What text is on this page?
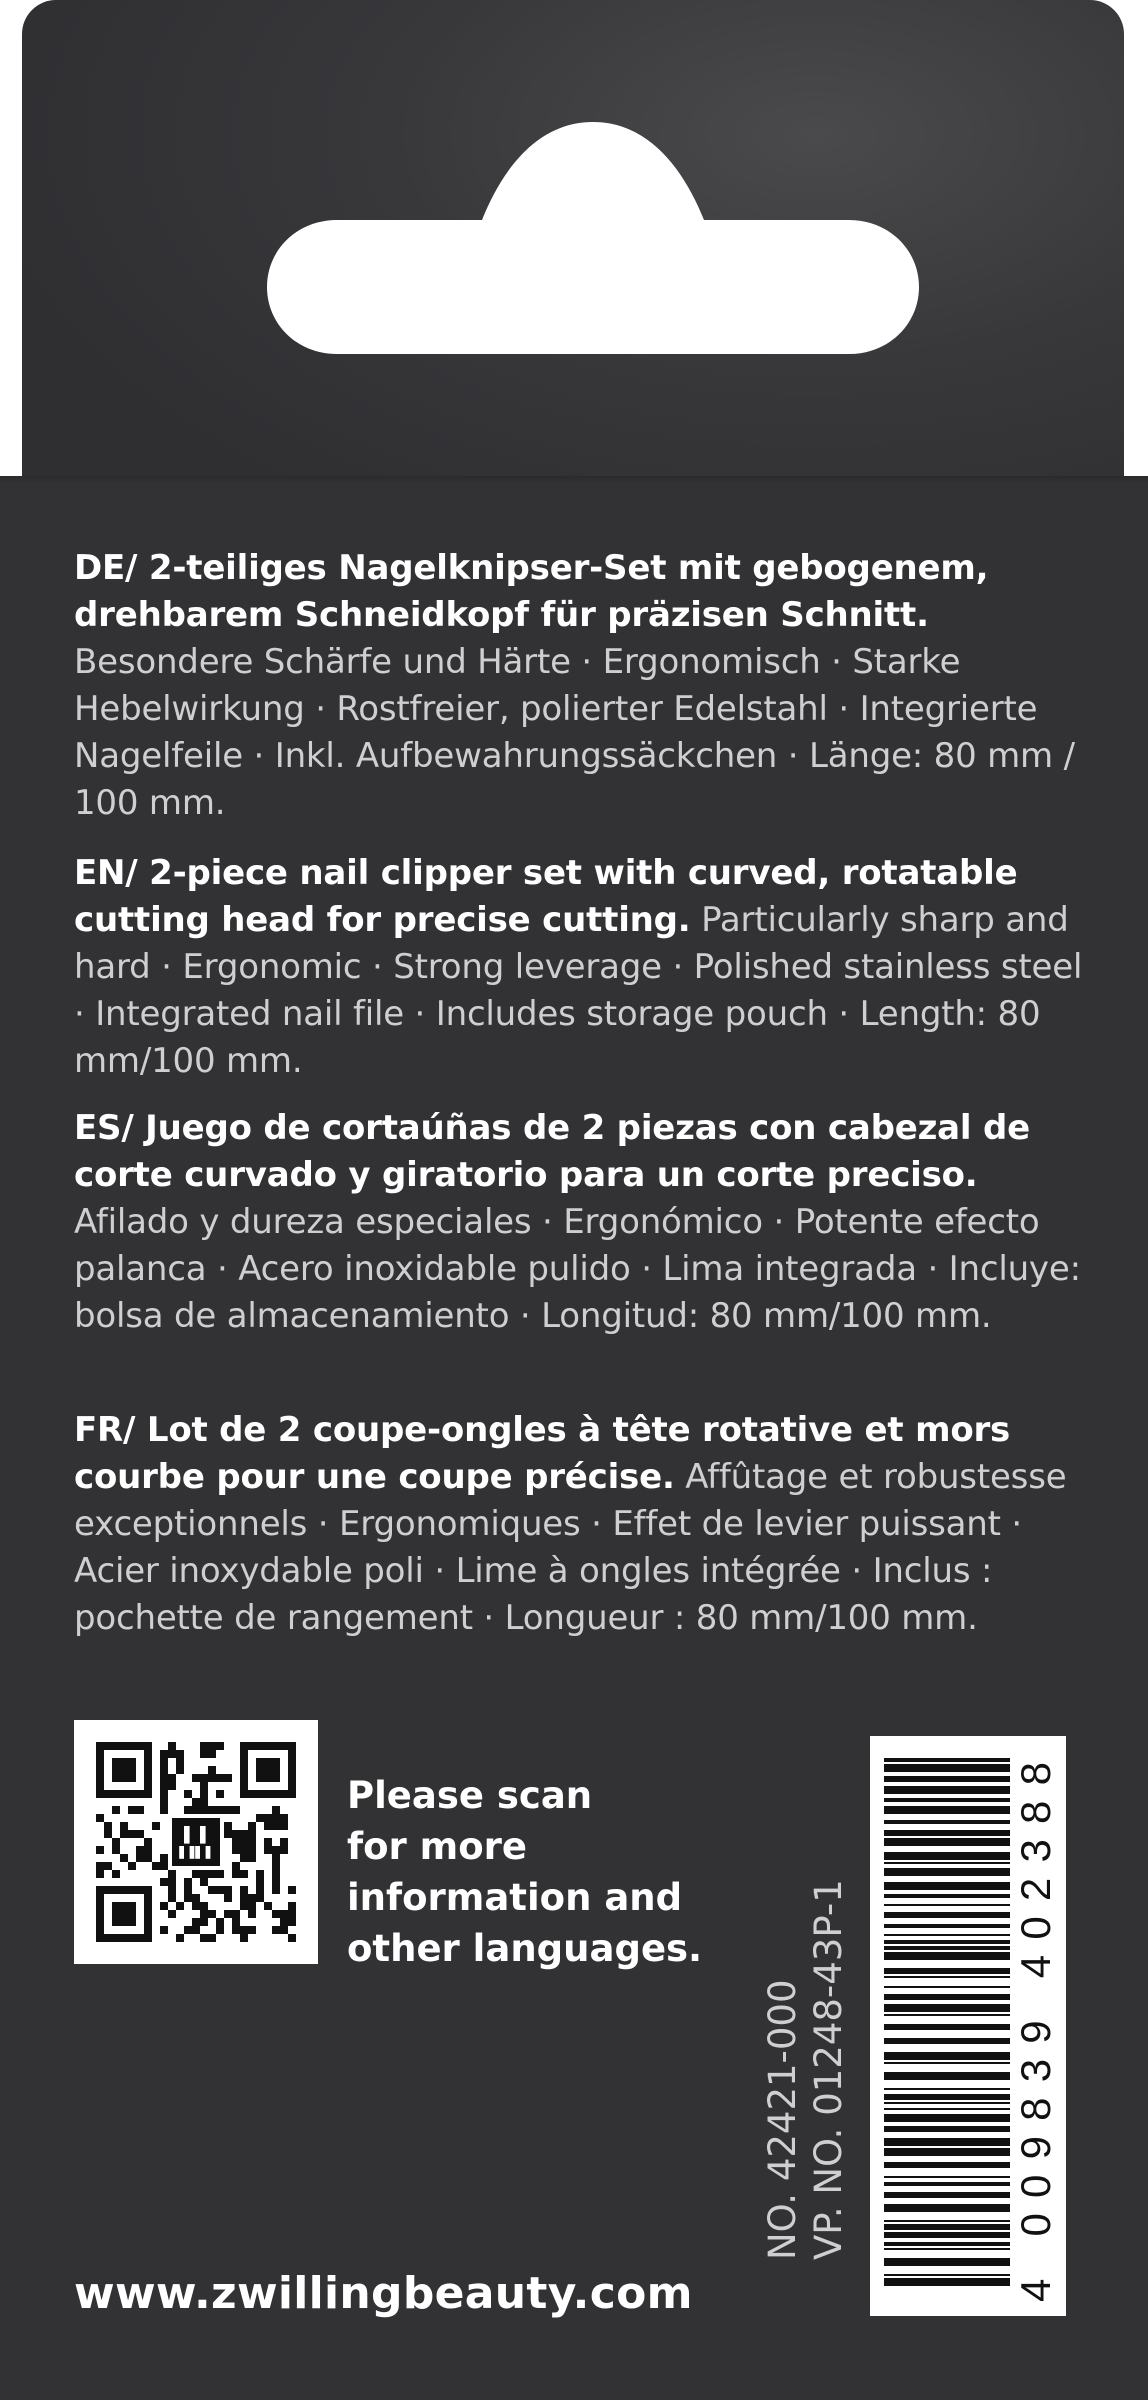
DE/ 2-teiliges Nagelknipser-Set mit gebogenem, drehbarem Schneidkopf für präzisen Schnitt. Besondere Schärfe und Härte · Ergonomisch · Starke Hebelwirkung · Rostfreier, polierter Edelstahl · Integrierte Nagelfeile · Inkl. Aufbewahrungssäckchen · Länge: 80 mm / 100 mm.
EN/ 2-piece nail clipper set with curved, rotatable cutting head for precise cutting. Particularly sharp and hard · Ergonomic · Strong leverage · Polished stainless steel · Integrated nail file · Includes storage pouch · Length: 80 mm/100 mm.
ES/ Juego de cortaúñas de 2 piezas con cabezal de corte curvado y giratorio para un corte preciso. Afilado y dureza especiales · Ergonómico · Potente efecto palanca · Acero inoxidable pulido · Lima integrada · Incluye: bolsa de almacenamiento · Longitud: 80 mm/100 mm.
FR/ Lot de 2 coupe-ongles à tête rotative et mors courbe pour une coupe précise. Affûtage et robustesse exceptionnels · Ergonomiques · Effet de levier puissant · Acier inoxydable poli · Lime à ongles intégrée · Inclus : pochette de rangement · Longueur : 80 mm/100 mm.
Please scan
for more
information and
other languages.
NO. 42421-000 VP. NO. 01248-43P-1
4 009839 402388
www.zwillingbeauty.com
